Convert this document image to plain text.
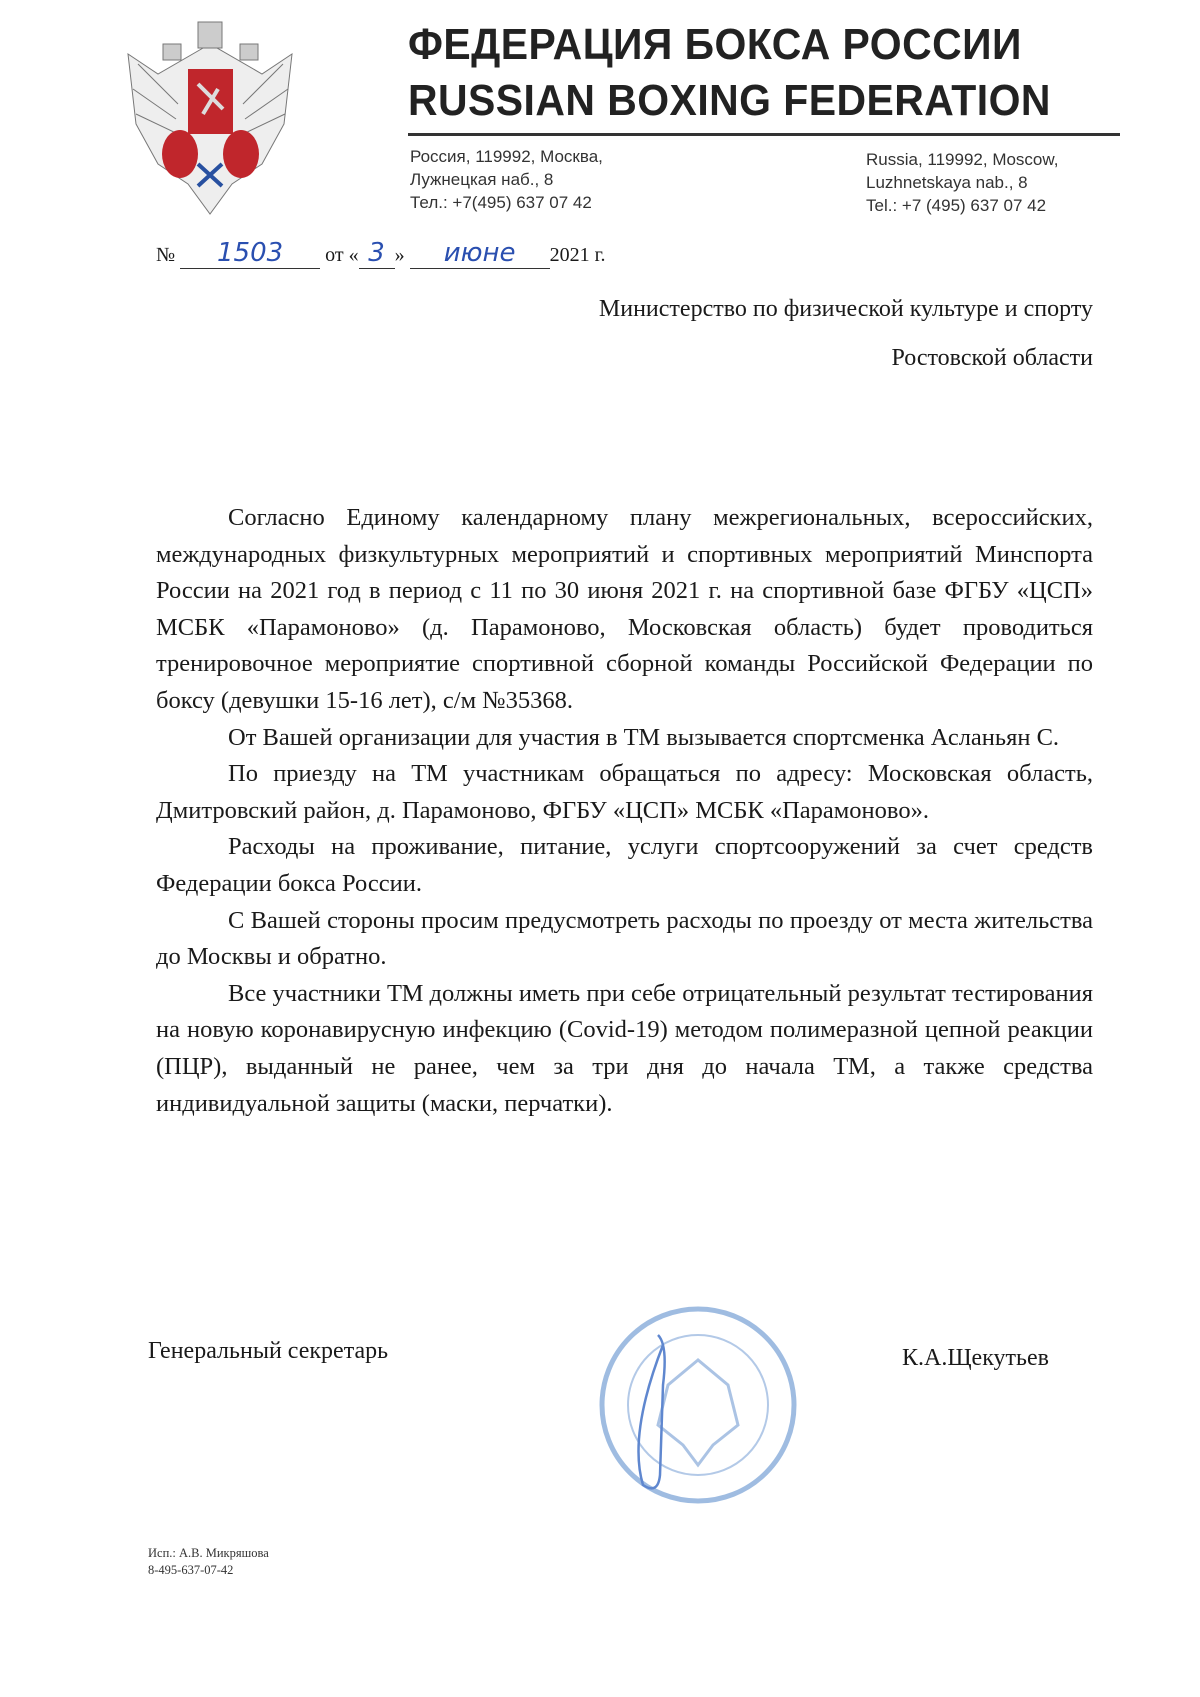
ФЕДЕРАЦИЯ БОКСА РОССИИ
RUSSIAN BOXING FEDERATION
Россия, 119992, Москва,
Лужнецкая наб., 8
Тел.: +7(495) 637 07 42
Russia, 119992, Moscow,
Luzhnetskaya nab., 8
Tel.: +7 (495) 637 07 42
№ 1503 от « 3 » июне 2021 г.
Министерство по физической культуре и спорту
Ростовской области

Согласно Единому календарному плану межрегиональных, всероссийских, международных физкультурных мероприятий и спортивных мероприятий Минспорта России на 2021 год в период с 11 по 30 июня 2021 г. на спортивной базе ФГБУ «ЦСП» МСБК «Парамоново» (д. Парамоново, Московская область) будет проводиться тренировочное мероприятие спортивной сборной команды Российской Федерации по боксу (девушки 15-16 лет), с/м №35368.

От Вашей организации для участия в ТМ вызывается спортсменка Асланьян С.

По приезду на ТМ участникам обращаться по адресу: Московская область, Дмитровский район, д. Парамоново, ФГБУ «ЦСП» МСБК «Парамоново».

Расходы на проживание, питание, услуги спортсооружений за счет средств Федерации бокса России.

С Вашей стороны просим предусмотреть расходы по проезду от места жительства до Москвы и обратно.

Все участники ТМ должны иметь при себе отрицательный результат тестирования на новую коронавирусную инфекцию (Covid-19) методом полимеразной цепной реакции (ПЦР), выданный не ранее, чем за три дня до начала ТМ, а также средства индивидуальной защиты (маски, перчатки).

Генеральный секретарь	К.А.Щекутьев
Исп.: А.В. Микряшова
8-495-637-07-42
